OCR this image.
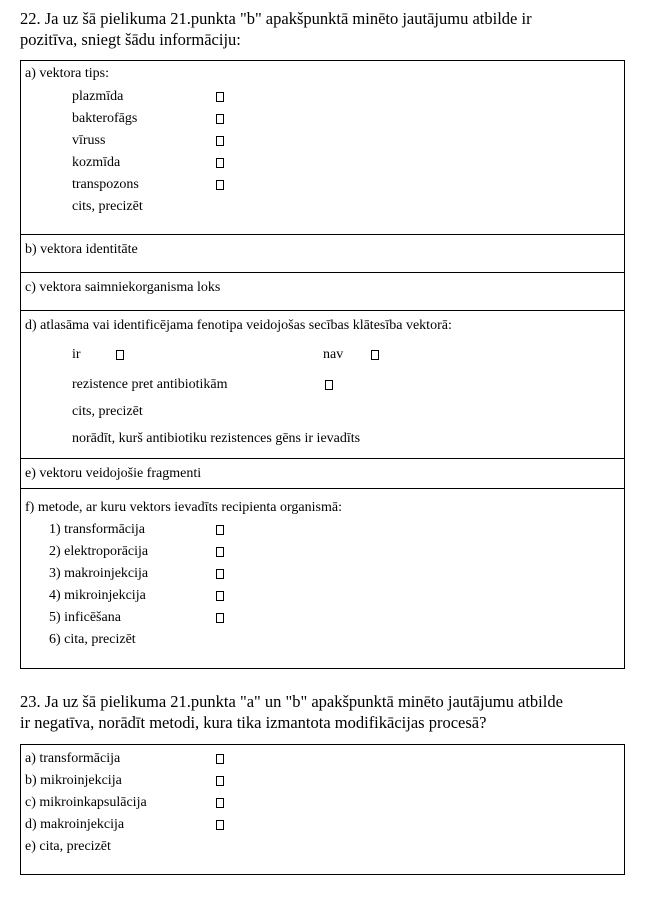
22. Ja uz šā pielikuma 21.punkta "b" apakšpunktā minēto jautājumu atbilde ir
pozitīva, sniegt šādu informāciju:
a) vektora tips:
plazmīda
bakterofāgs
vīruss
kozmīda
transpozons
cits, precizēt
b) vektora identitāte
c) vektora saimniekorganisma loks
d) atlasāma vai identificējama fenotipa veidojošas secības klātesība vektorā:
ir	nav
rezistence pret antibiotikām
cits, precizēt
norādīt, kurš antibiotiku rezistences gēns ir ievadīts
e) vektoru veidojošie fragmenti
f) metode, ar kuru vektors ievadīts recipienta organismā:
1) transformācija
2) elektroporācija
3) makroinjekcija
4) mikroinjekcija
5) inficēšana
6) cita, precizēt
23. Ja uz šā pielikuma 21.punkta "a" un "b" apakšpunktā minēto jautājumu atbilde
ir negatīva, norādīt metodi, kura tika izmantota modifikācijas procesā?
a) transformācija
b) mikroinjekcija
c) mikroinkapsulācija
d) makroinjekcija
e) cita, precizēt
